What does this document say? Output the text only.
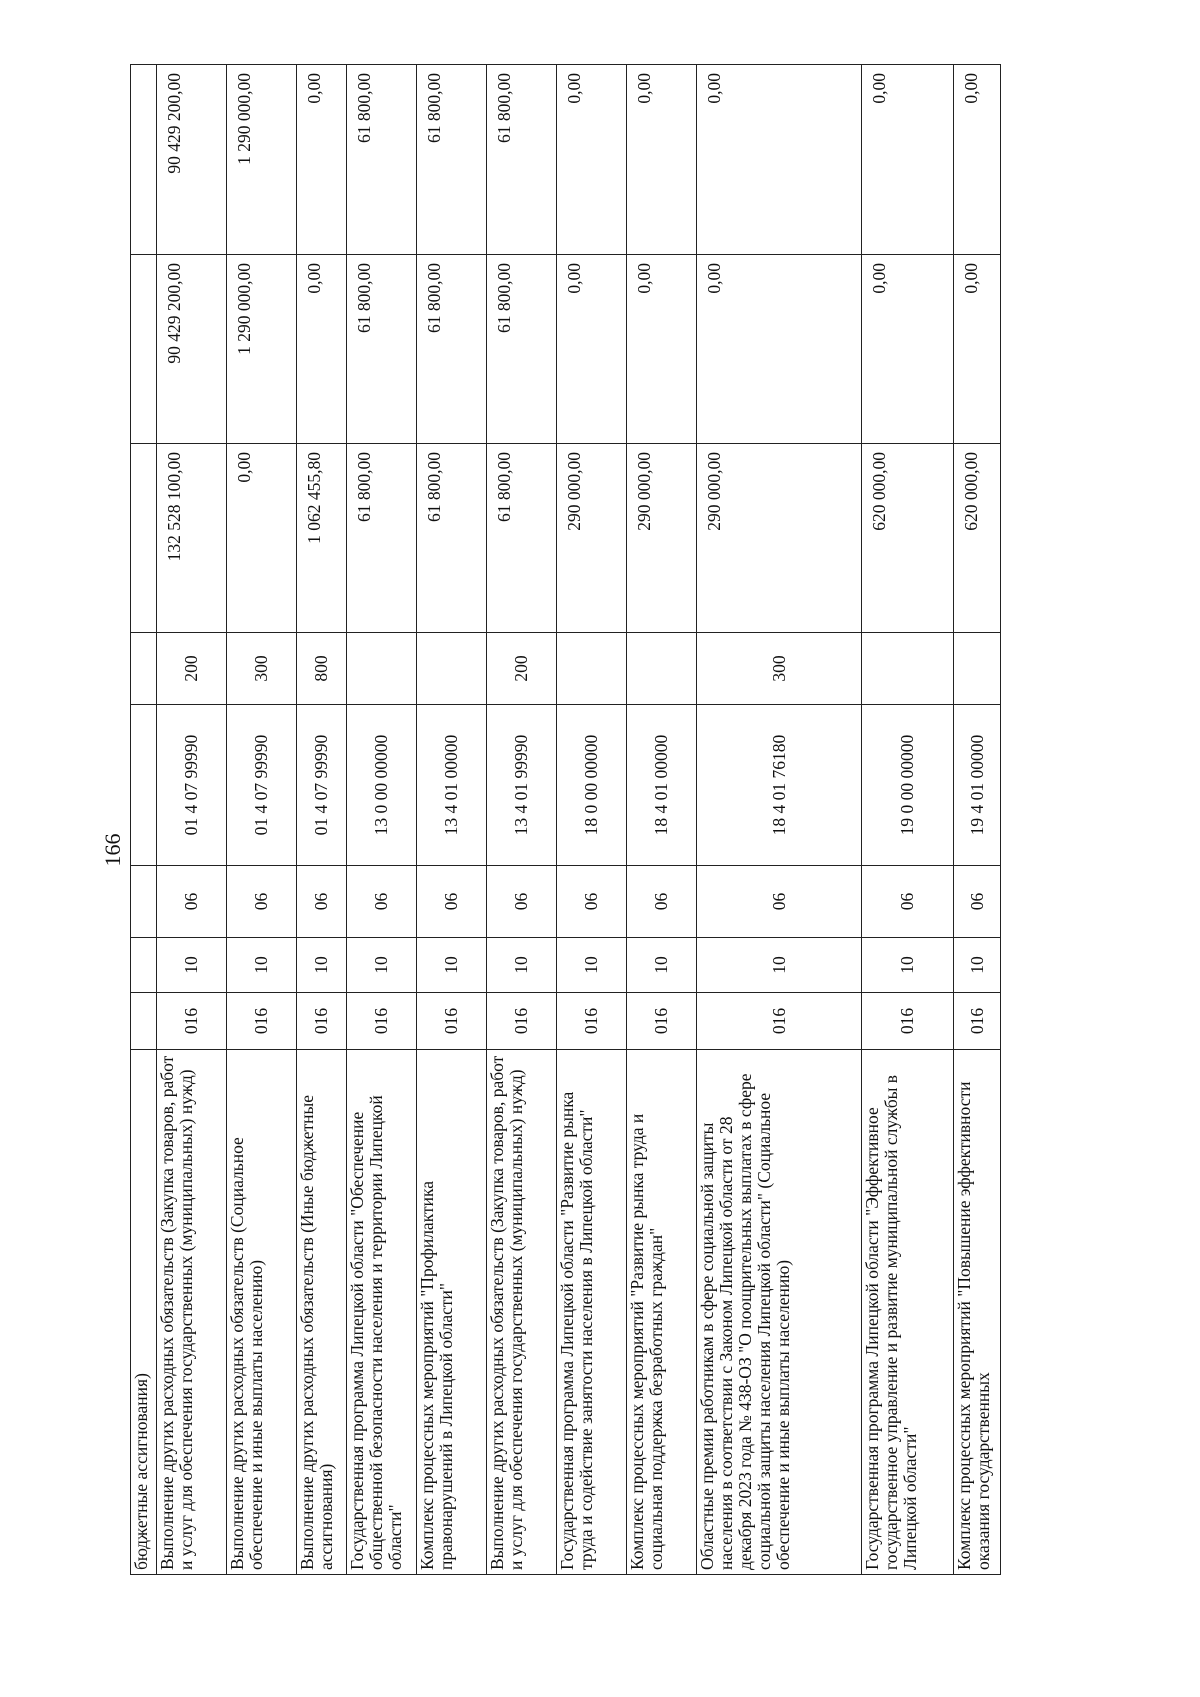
166
бюджетные ассигнования)								
Выполнение других расходных обязательств (Закупка товаров, работ и услуг для обеспечения государственных (муниципальных) нужд)	016	10	06	01 4 07 99990	200	132 528 100,00	90 429 200,00	90 429 200,00
Выполнение других расходных обязательств (Социальное обеспечение и иные выплаты населению)	016	10	06	01 4 07 99990	300	0,00	1 290 000,00	1 290 000,00
Выполнение других расходных обязательств (Иные бюджетные ассигнования)	016	10	06	01 4 07 99990	800	1 062 455,80	0,00	0,00
Государственная программа Липецкой области "Обеспечение общественной безопасности населения и территории Липецкой области"	016	10	06	13 0 00 00000		61 800,00	61 800,00	61 800,00
Комплекс процессных мероприятий "Профилактика правонарушений в Липецкой области"	016	10	06	13 4 01 00000		61 800,00	61 800,00	61 800,00
Выполнение других расходных обязательств (Закупка товаров, работ и услуг для обеспечения государственных (муниципальных) нужд)	016	10	06	13 4 01 99990	200	61 800,00	61 800,00	61 800,00
Государственная программа Липецкой области "Развитие рынка труда и содействие занятости населения в Липецкой области"	016	10	06	18 0 00 00000		290 000,00	0,00	0,00
Комплекс процессных мероприятий "Развитие рынка труда и социальная поддержка безработных граждан"	016	10	06	18 4 01 00000		290 000,00	0,00	0,00
Областные премии работникам в сфере социальной защиты населения в соответствии с Законом Липецкой области от 28 декабря 2023 года № 438-ОЗ "О поощрительных выплатах в сфере социальной защиты населения Липецкой области" (Социальное обеспечение и иные выплаты населению)	016	10	06	18 4 01 76180	300	290 000,00	0,00	0,00
Государственная программа Липецкой области "Эффективное государственное управление и развитие муниципальной службы в Липецкой области"	016	10	06	19 0 00 00000		620 000,00	0,00	0,00
Комплекс процессных мероприятий "Повышение эффективности оказания государственных	016	10	06	19 4 01 00000		620 000,00	0,00	0,00
